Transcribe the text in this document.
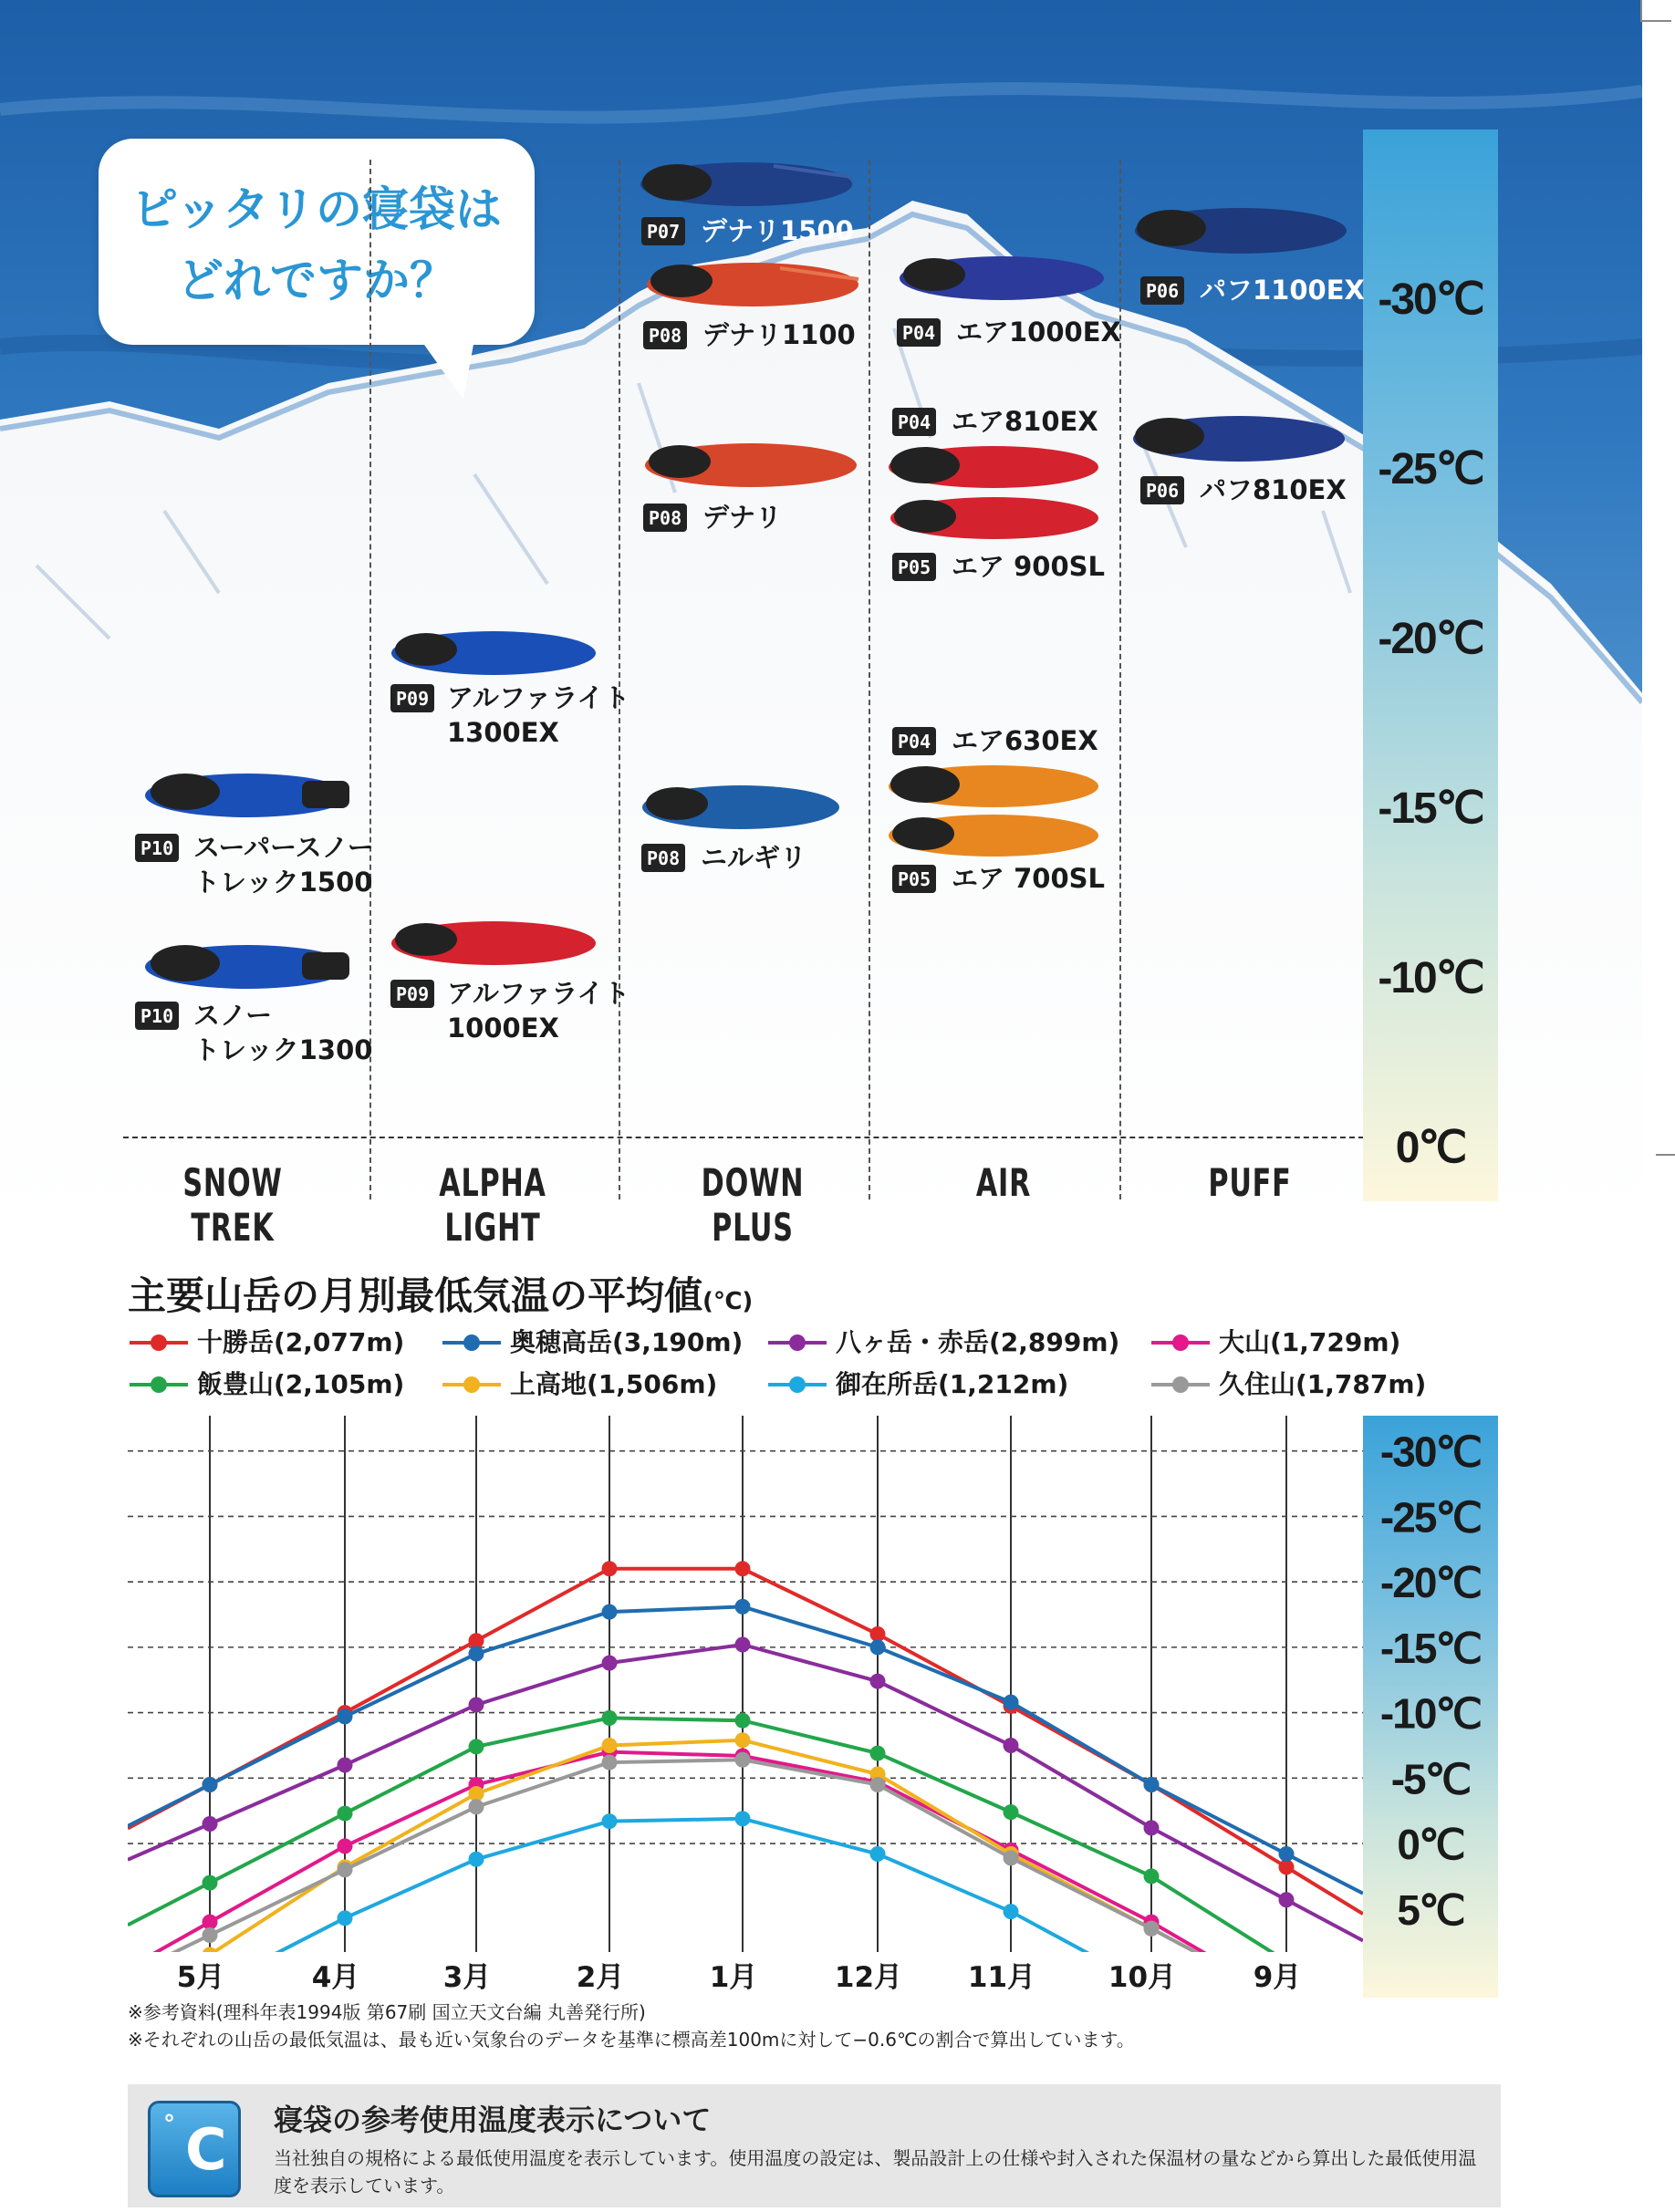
ピッタリの寝袋は
どれですか？
SNOW TREK
ALPHA LIGHT
DOWN PLUS
AIR	PUFF
-30℃
-25℃
-20℃
-15℃
-10℃
0℃
P07 デナリ1500
P08 デナリ1100
P08 デナリ
P08 ニルギリ
P04 エア1000EX
P04 エア810EX
P05 エア 900SL
P04 エア630EX
P05 エア 700SL
P06 パフ1100EX
P06 パフ810EX
P09 アルファライト
1300EX
P09 アルファライト
1000EX
P10 スーパースノー
トレック1500
P10 スノー
トレック1300
主要山岳の月別最低気温の平均値(℃)
十勝岳(2,077m)	奥穂高岳(3,190m)	八ヶ岳・赤岳(2,899m)	大山(1,729m)
飯豊山(2,105m)	上高地(1,506m)	御在所岳(1,212m)	久住山(1,787m)
-30℃
-25℃
-20℃
-15℃
-10℃
-5℃
0℃
5℃
5月	4月	3月	2月	1月	12月 11月	10月	9月
※参考資料(理科年表1994版 第67刷 国立天文台編 丸善発行所)
※それぞれの山岳の最低気温は、最も近い気象台のデータを基準に標高差100mに対して−0.6℃の割合で算出しています。
° C 寝袋の参考使用温度表示について
当社独自の規格による最低使用温度を表示しています。使用温度の設定は、製品設計上の仕様や封入された保温材の量などから算出した最低使用温度を表示しています。
